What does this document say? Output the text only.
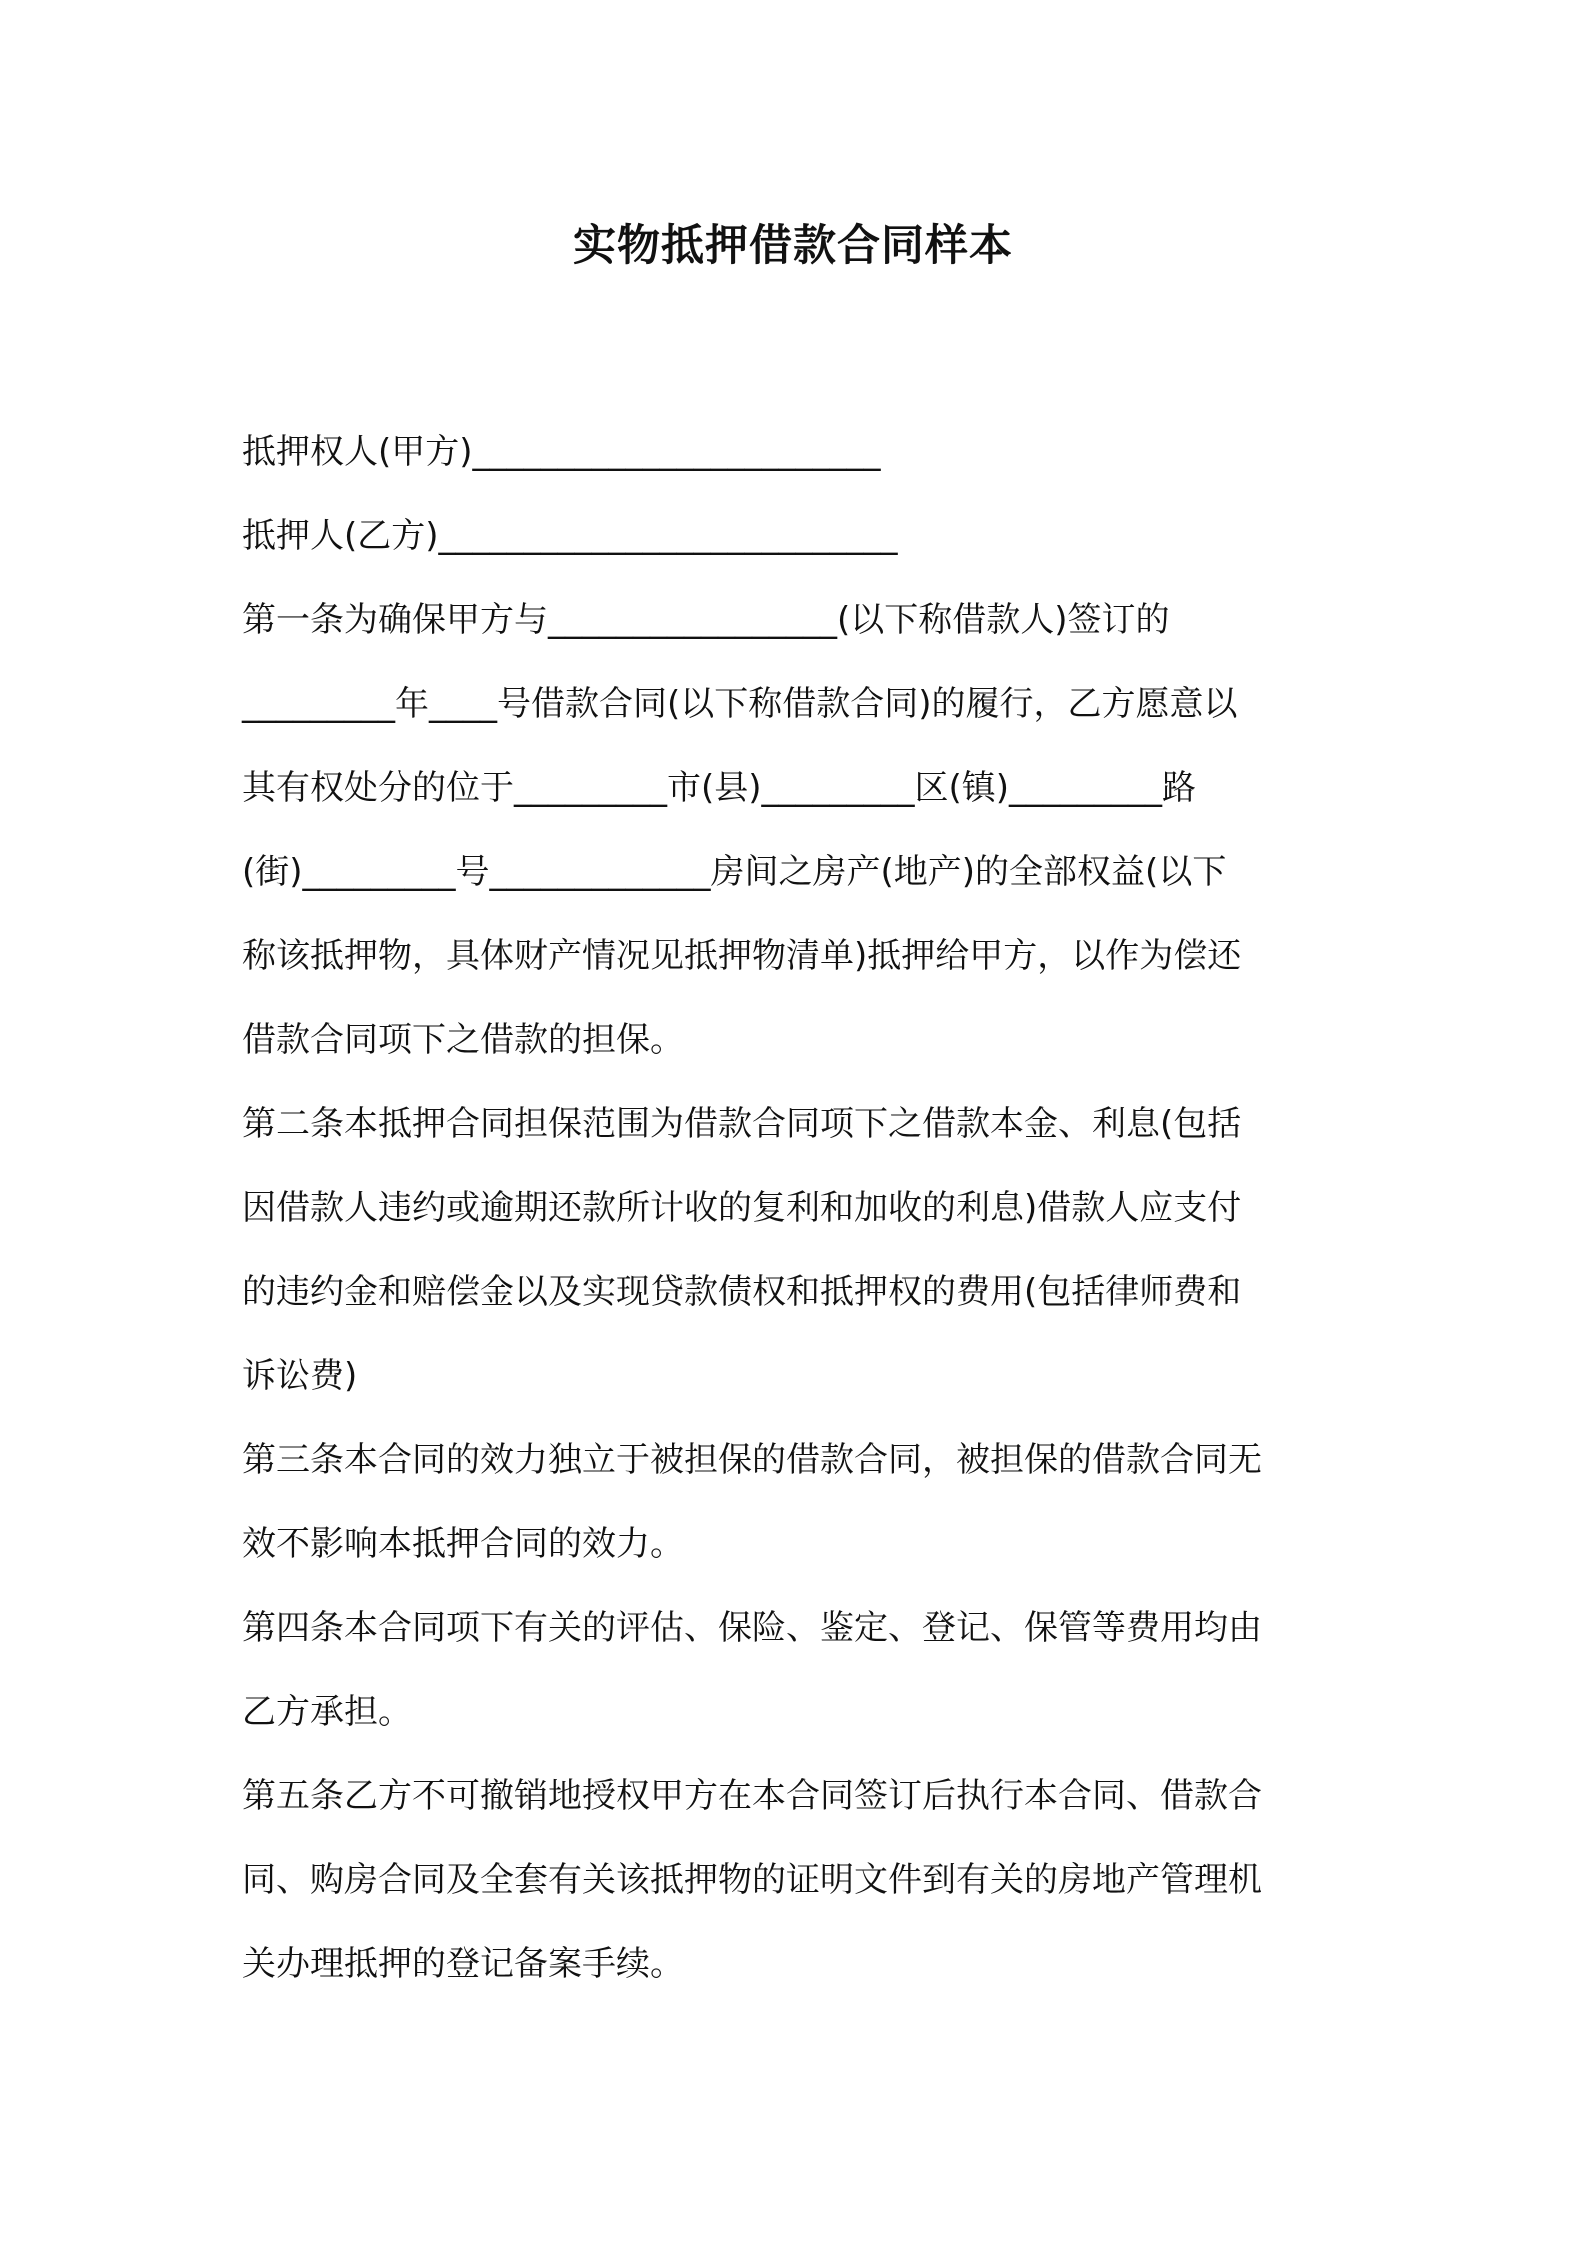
实物抵押借款合同样本
抵押权人(甲方)________________________
抵押人(乙方)___________________________
第一条为确保甲方与_________________(以下称借款人)签订的
_________年____号借款合同(以下称借款合同)的履行，乙方愿意以
其有权处分的位于_________市(县)_________区(镇)_________路
(街)_________号_____________房间之房产(地产)的全部权益(以下
称该抵押物，具体财产情况见抵押物清单)抵押给甲方，以作为偿还
借款合同项下之借款的担保。
第二条本抵押合同担保范围为借款合同项下之借款本金、利息(包括
因借款人违约或逾期还款所计收的复利和加收的利息)借款人应支付
的违约金和赔偿金以及实现贷款债权和抵押权的费用(包括律师费和
诉讼费)
第三条本合同的效力独立于被担保的借款合同，被担保的借款合同无
效不影响本抵押合同的效力。
第四条本合同项下有关的评估、保险、鉴定、登记、保管等费用均由
乙方承担。
第五条乙方不可撤销地授权甲方在本合同签订后执行本合同、借款合
同、购房合同及全套有关该抵押物的证明文件到有关的房地产管理机
关办理抵押的登记备案手续。
